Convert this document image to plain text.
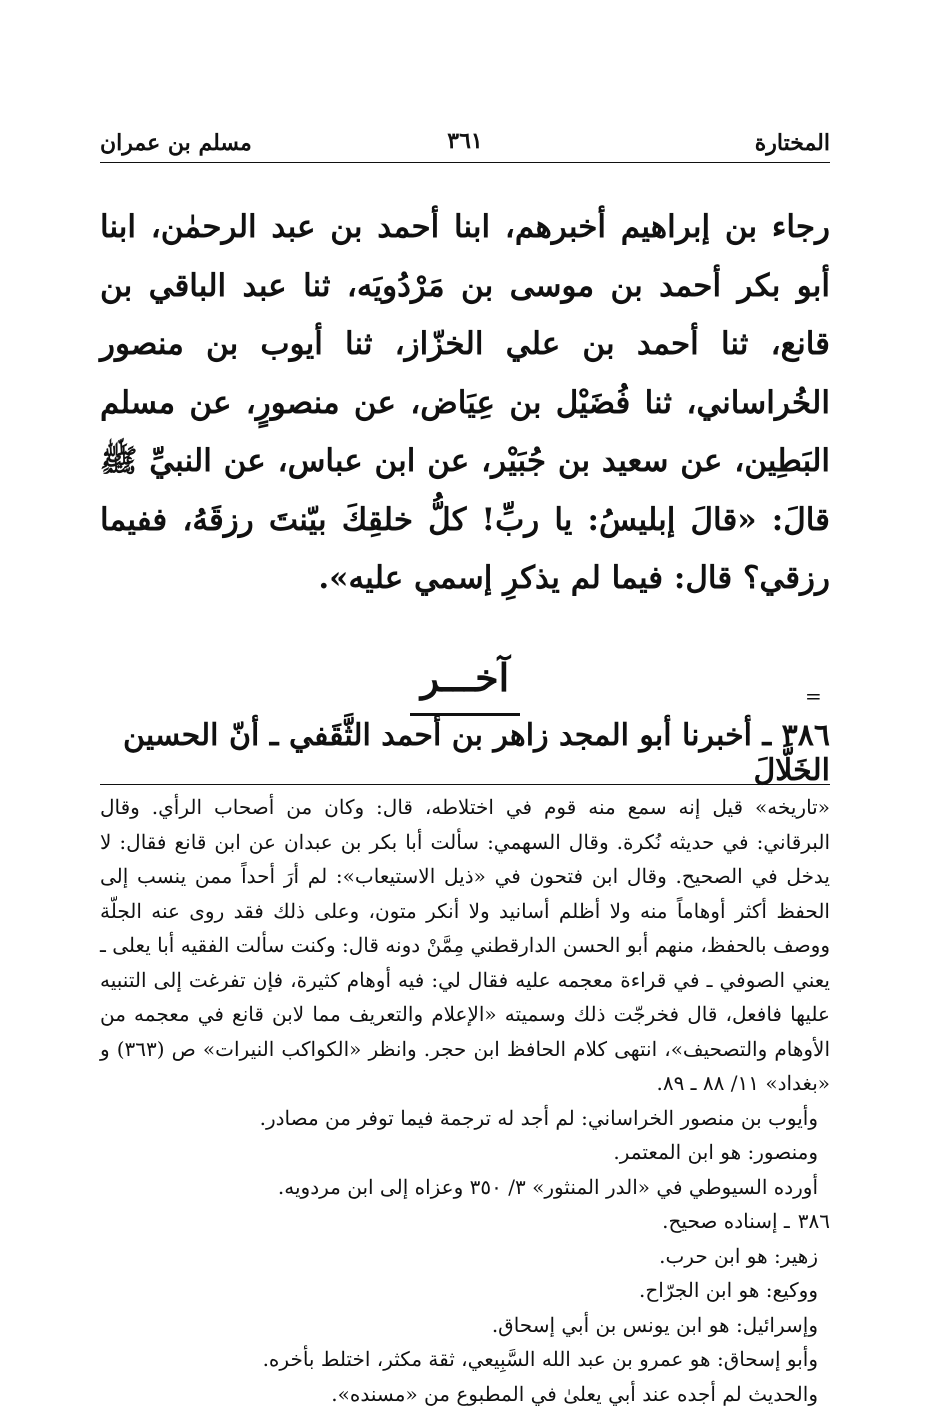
المختارة
٣٦١
مسلم بن عمران

رجاء بن إبراهيم أخبرهم، ابنا أحمد بن عبد الرحمٰن، ابنا أبو بكر أحمد بن موسى بن مَرْدُويَه، ثنا عبد الباقي بن قانع، ثنا أحمد بن علي الخزّاز، ثنا أيوب بن منصور الخُراساني، ثنا فُضَيْل بن عِيَاض، عن منصورٍ، عن مسلم البَطِين، عن سعيد بن جُبَيْر، عن ابن عباس، عن النبيِّ ﷺ قالَ: «قالَ إبليسُ: يا ربِّ! كلُّ خلقِكَ بيّنتَ رزقَهُ، ففيما رزقي؟ قال: فيما لم يذكرِ إسمي عليه».

آخـــر
٣٨٦ ـ أخبرنا أبو المجد زاهر بن أحمد الثَّقَفي ـ أنّ الحسين الخَلَّالَ

«تاريخه» قيل إنه سمع منه قوم في اختلاطه، قال: وكان من أصحاب الرأي. وقال البرقاني: في حديثه نُكرة. وقال السهمي: سألت أبا بكر بن عبدان عن ابن قانع فقال: لا يدخل في الصحيح. وقال ابن فتحون في «ذيل الاستيعاب»: لم أرَ أحداً ممن ينسب إلى الحفظ أكثر أوهاماً منه ولا أظلم أسانيد ولا أنكر متون، وعلى ذلك فقد روى عنه الجلّة ووصف بالحفظ، منهم أبو الحسن الدارقطني مِمَّنْ دونه قال: وكنت سألت الفقيه أبا يعلى ـ يعني الصوفي ـ في قراءة معجمه عليه فقال لي: فيه أوهام كثيرة، فإن تفرغت إلى التنبيه عليها فافعل، قال فخرجّت ذلك وسميته «الإعلام والتعريف مما لابن قانع في معجمه من الأوهام والتصحيف»، انتهى كلام الحافظ ابن حجر. وانظر «الكواكب النيرات» ص (٣٦٣) و «بغداد» ١١/ ٨٨ ـ ٨٩.

وأيوب بن منصور الخراساني: لم أجد له ترجمة فيما توفر من مصادر.

ومنصور: هو ابن المعتمر.

أورده السيوطي في «الدر المنثور» ٣/ ٣٥٠ وعزاه إلى ابن مردويه.

٣٨٦ـ إسناده صحيح.

زهير: هو ابن حرب.

ووكيع: هو ابن الجرّاح.

وإسرائيل: هو ابن يونس بن أبي إسحاق.

وأبو إسحاق: هو عمرو بن عبد الله السَّبِيعي، ثقة مكثر، اختلط بأخره.

والحديث لم أجده عند أبي يعلىٰ في المطبوع من «مسنده».

=
